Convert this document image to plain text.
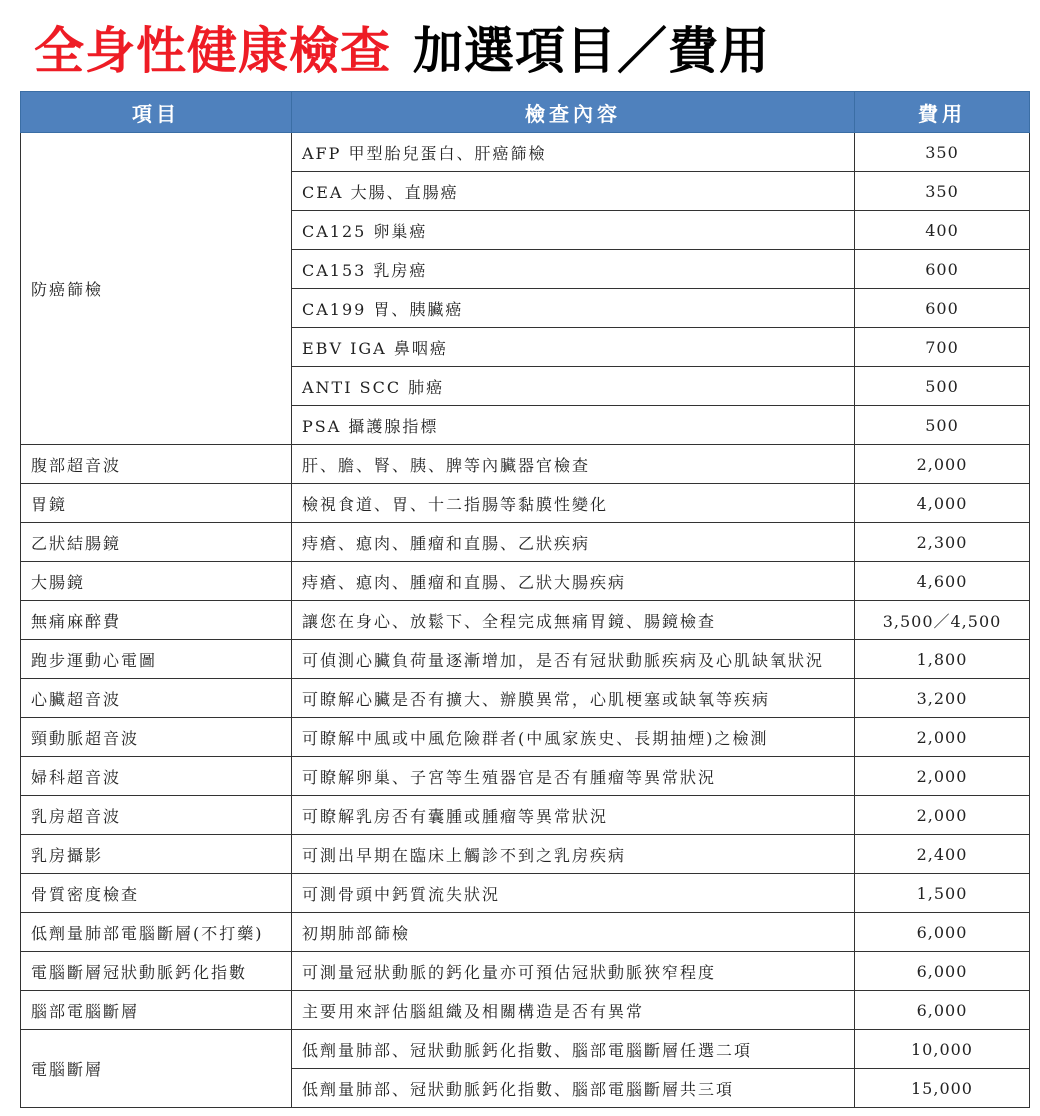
全身性健康檢查 加選項目／費用
項目	檢查內容	費用
防癌篩檢	AFP 甲型胎兒蛋白、肝癌篩檢	350
	CEA 大腸、直腸癌	350
	CA125 卵巢癌	400
	CA153 乳房癌	600
	CA199 胃、胰臟癌	600
	EBV IGA 鼻咽癌	700
	ANTI SCC 肺癌	500
	PSA 攝護腺指標	500
腹部超音波	肝、膽、腎、胰、脾等內臟器官檢查	2,000
胃鏡	檢視食道、胃、十二指腸等黏膜性變化	4,000
乙狀結腸鏡	痔瘡、瘜肉、腫瘤和直腸、乙狀疾病	2,300
大腸鏡	痔瘡、瘜肉、腫瘤和直腸、乙狀大腸疾病	4,600
無痛麻醉費	讓您在身心、放鬆下、全程完成無痛胃鏡、腸鏡檢查	3,500／4,500
跑步運動心電圖	可偵測心臟負荷量逐漸增加，是否有冠狀動脈疾病及心肌缺氧狀況	1,800
心臟超音波	可瞭解心臟是否有擴大、辦膜異常，心肌梗塞或缺氧等疾病	3,200
頸動脈超音波	可瞭解中風或中風危險群者(中風家族史、長期抽煙)之檢測	2,000
婦科超音波	可瞭解卵巢、子宮等生殖器官是否有腫瘤等異常狀況	2,000
乳房超音波	可瞭解乳房否有囊腫或腫瘤等異常狀況	2,000
乳房攝影	可測出早期在臨床上觸診不到之乳房疾病	2,400
骨質密度檢查	可測骨頭中鈣質流失狀況	1,500
低劑量肺部電腦斷層(不打藥)	初期肺部篩檢	6,000
電腦斷層冠狀動脈鈣化指數	可測量冠狀動脈的鈣化量亦可預估冠狀動脈狹窄程度	6,000
腦部電腦斷層	主要用來評估腦組織及相關構造是否有異常	6,000
電腦斷層	低劑量肺部、冠狀動脈鈣化指數、腦部電腦斷層任選二項	10,000
	低劑量肺部、冠狀動脈鈣化指數、腦部電腦斷層共三項	15,000
